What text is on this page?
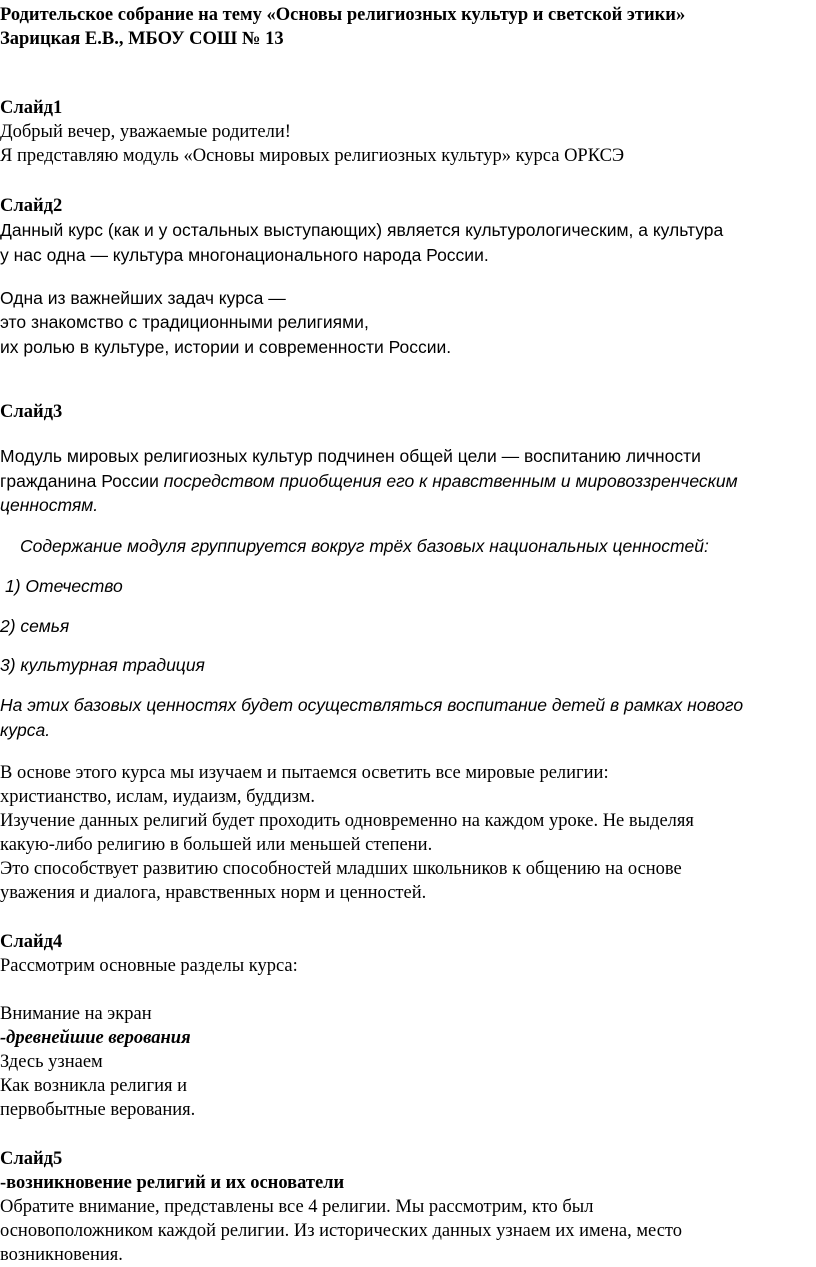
Родительское собрание на тему «Основы религиозных культур и светской этики»
Зарицкая Е.В., МБОУ СОШ № 13
Слайд1
Добрый вечер, уважаемые родители!
Я представляю модуль «Основы мировых религиозных культур» курса ОРКСЭ
Слайд2
Данный курс (как и у остальных выступающих) является культурологическим, а культура
у нас одна — культура многонационального народа России.
Одна из важнейших задач курса —
это знакомство с традиционными религиями,
их ролью в культуре, истории и современности России.
Слайд3
Модуль мировых религиозных культур подчинен общей цели — воспитанию личности
гражданина России посредством приобщения его к нравственным и мировоззренческим
ценностям.
Содержание модуля группируется вокруг трёх базовых национальных ценностей:
1) Отечество
2) семья
3) культурная традиция
На этих базовых ценностях будет осуществляться воспитание детей в рамках нового
курса.
В основе этого курса мы изучаем и пытаемся осветить все мировые религии:
христианство, ислам, иудаизм, буддизм.
Изучение данных религий будет проходить одновременно на каждом уроке. Не выделяя
какую-либо религию в большей или меньшей степени.
Это способствует развитию способностей младших школьников к общению на основе
уважения и диалога, нравственных норм и ценностей.
Слайд4
Рассмотрим основные разделы курса:
Внимание на экран
-древнейшие верования
Здесь узнаем
Как возникла религия и
первобытные верования.
Слайд5
-возникновение религий и их основатели
Обратите внимание, представлены все 4 религии. Мы рассмотрим, кто был
основоположником каждой религии. Из исторических данных узнаем их имена, место
возникновения.
